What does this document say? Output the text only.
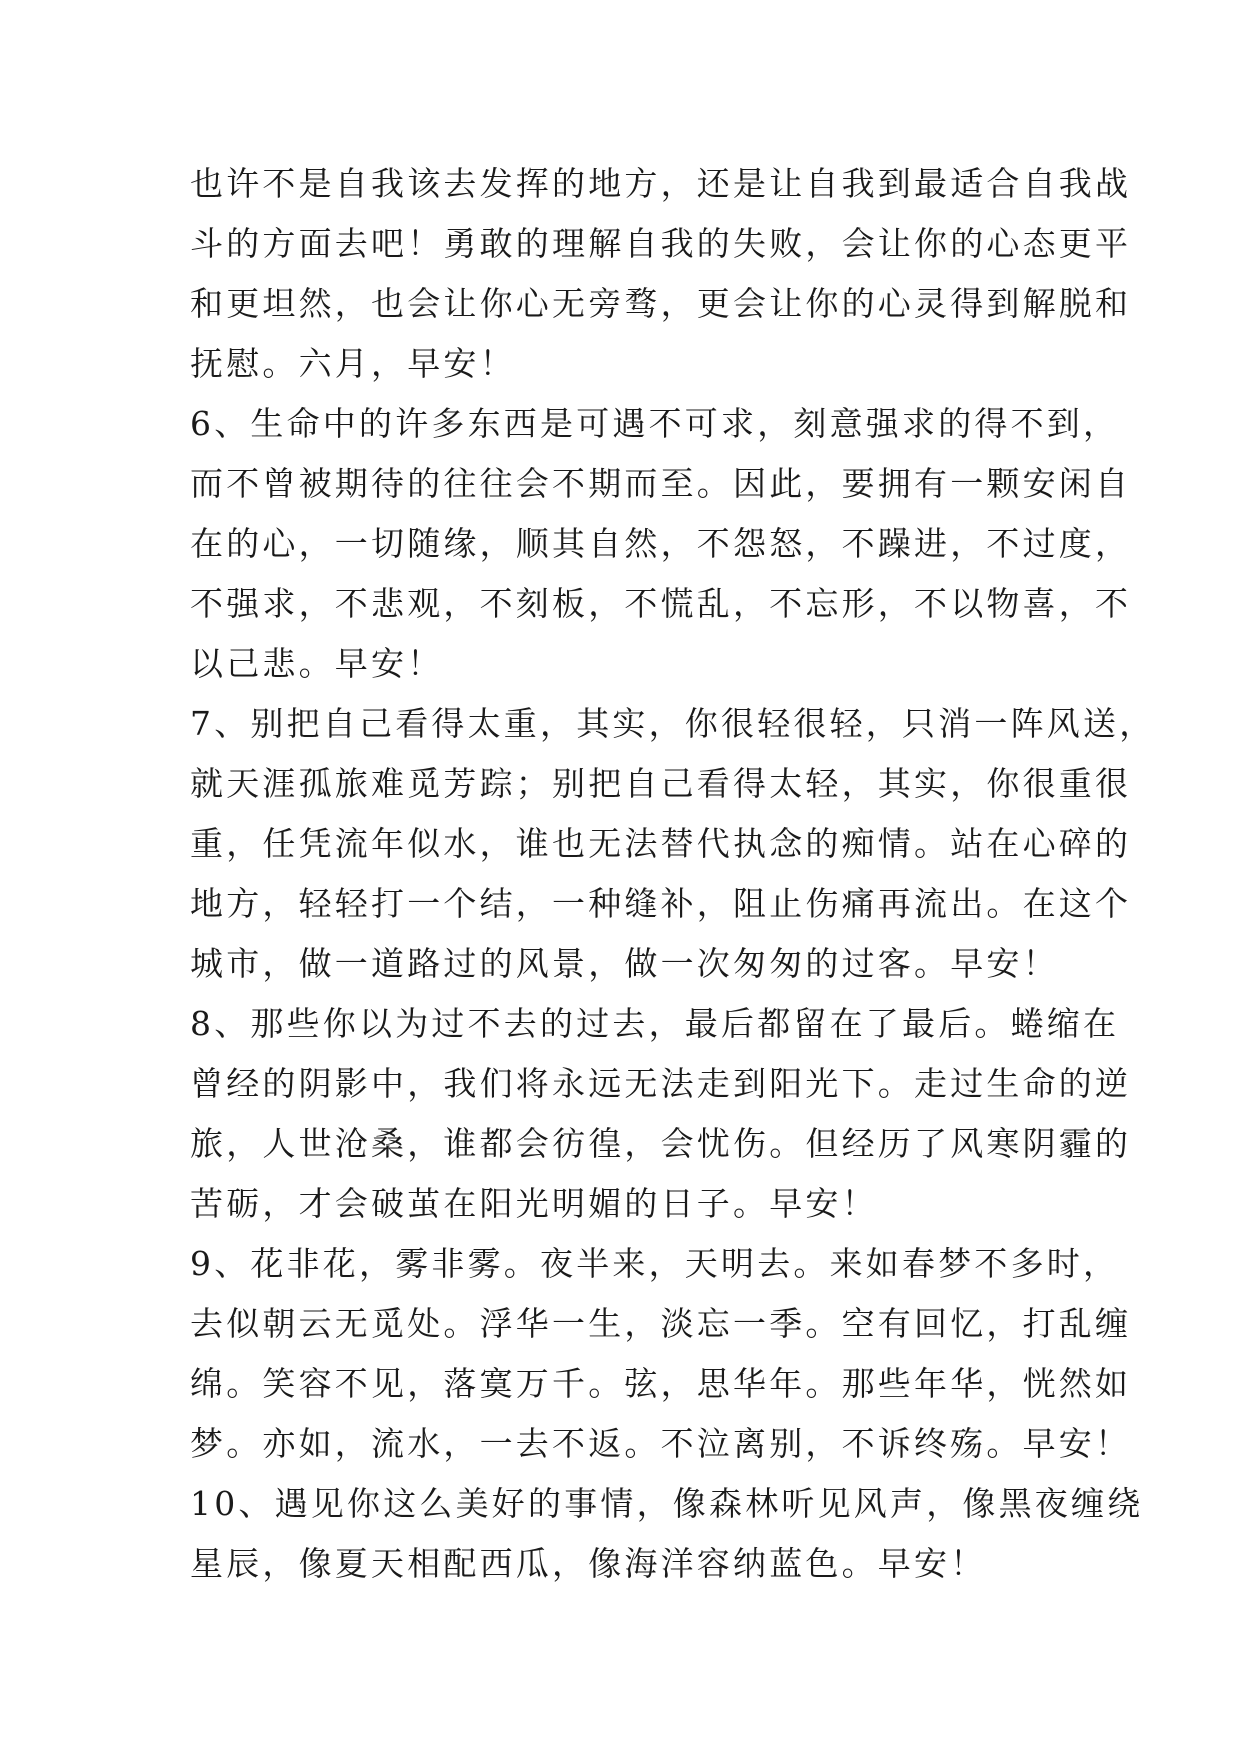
也许不是自我该去发挥的地方，还是让自我到最适合自我战
斗的方面去吧！勇敢的理解自我的失败，会让你的心态更平
和更坦然，也会让你心无旁骛，更会让你的心灵得到解脱和
抚慰。六月，早安！
6、生命中的许多东西是可遇不可求，刻意强求的得不到，
而不曾被期待的往往会不期而至。因此，要拥有一颗安闲自
在的心，一切随缘，顺其自然，不怨怒，不躁进，不过度，
不强求，不悲观，不刻板，不慌乱，不忘形，不以物喜，不
以己悲。早安！
7、别把自己看得太重，其实，你很轻很轻，只消一阵风送，
就天涯孤旅难觅芳踪；别把自己看得太轻，其实，你很重很
重，任凭流年似水，谁也无法替代执念的痴情。站在心碎的
地方，轻轻打一个结，一种缝补，阻止伤痛再流出。在这个
城市，做一道路过的风景，做一次匆匆的过客。早安！
8、那些你以为过不去的过去，最后都留在了最后。蜷缩在
曾经的阴影中，我们将永远无法走到阳光下。走过生命的逆
旅，人世沧桑，谁都会彷徨，会忧伤。但经历了风寒阴霾的
苦砺，才会破茧在阳光明媚的日子。早安！
9、花非花，雾非雾。夜半来，天明去。来如春梦不多时，
去似朝云无觅处。浮华一生，淡忘一季。空有回忆，打乱缠
绵。笑容不见，落寞万千。弦，思华年。那些年华，恍然如
梦。亦如，流水，一去不返。不泣离别，不诉终殇。早安！
10、遇见你这么美好的事情，像森林听见风声，像黑夜缠绕
星辰，像夏天相配西瓜，像海洋容纳蓝色。早安！
